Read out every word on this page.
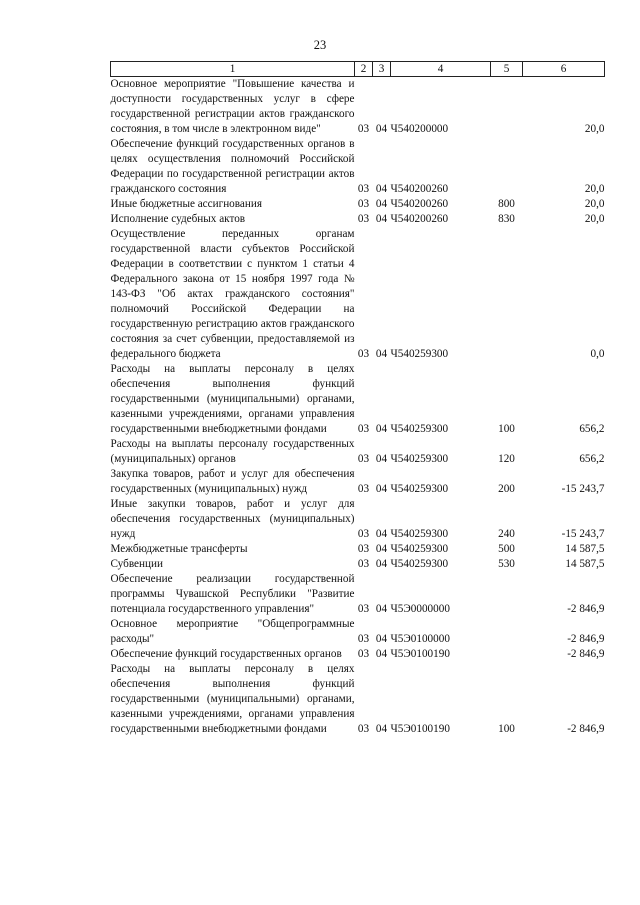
23
1	2	3	4	5	6
Основное мероприятие "Повышение качества и доступности государственных услуг в сфере государственной регистрации актов гражданского состояния, в том числе в электронном виде"	03	04	Ч540200000		20,0
Обеспечение функций государственных органов в целях осуществления полномочий Российской Федерации по государственной регистрации актов гражданского состояния	03	04	Ч540200260		20,0
Иные бюджетные ассигнования	03	04	Ч540200260	800	20,0
Исполнение судебных актов	03	04	Ч540200260	830	20,0
Осуществление переданных органам государственной власти субъектов Российской Федерации в соответствии с пунктом 1 статьи 4 Федерального закона от 15 ноября 1997 года № 143-ФЗ "Об актах гражданского состояния" полномочий Российской Федерации на государственную регистрацию актов гражданского состояния за счет субвенции, предоставляемой из федерального бюджета	03	04	Ч540259300		0,0
Расходы на выплаты персоналу в целях обеспечения выполнения функций государственными (муниципальными) органами, казенными учреждениями, органами управления государственными внебюджетными фондами	03	04	Ч540259300	100	656,2
Расходы на выплаты персоналу государственных (муниципальных) органов	03	04	Ч540259300	120	656,2
Закупка товаров, работ и услуг для обеспечения государственных (муниципальных) нужд	03	04	Ч540259300	200	-15 243,7
Иные закупки товаров, работ и услуг для обеспечения государственных (муниципальных) нужд	03	04	Ч540259300	240	-15 243,7
Межбюджетные трансферты	03	04	Ч540259300	500	14 587,5
Субвенции	03	04	Ч540259300	530	14 587,5
Обеспечение реализации государственной программы Чувашской Республики "Развитие потенциала государственного управления"	03	04	Ч5Э0000000		-2 846,9
Основное мероприятие "Общепрограммные расходы"	03	04	Ч5Э0100000		-2 846,9
Обеспечение функций государственных органов	03	04	Ч5Э0100190		-2 846,9
Расходы на выплаты персоналу в целях обеспечения выполнения функций государственными (муниципальными) органами, казенными учреждениями, органами управления государственными внебюджетными фондами	03	04	Ч5Э0100190	100	-2 846,9
